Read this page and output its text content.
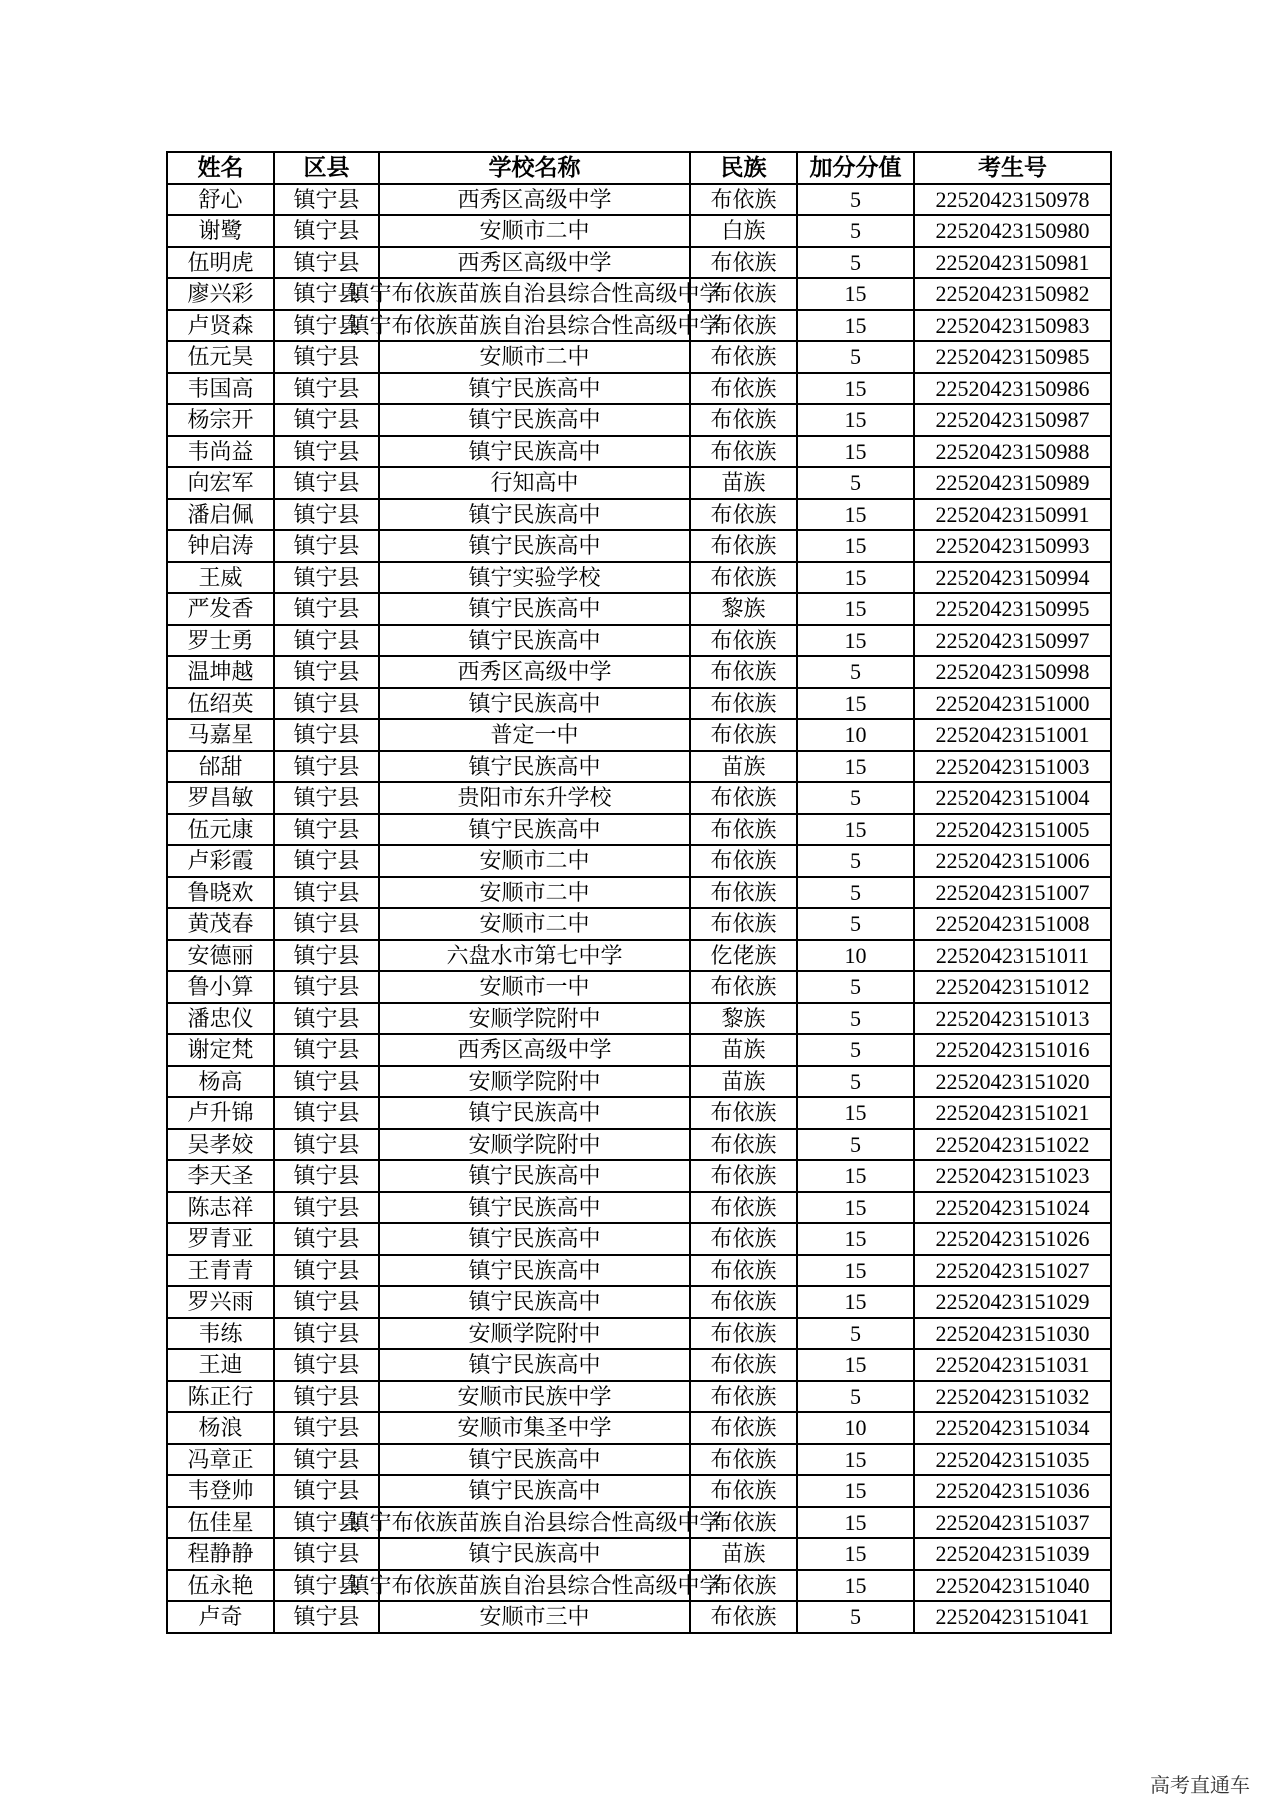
姓名	区县	学校名称	民族	加分分值	考生号
舒心	镇宁县	西秀区高级中学	布依族	5	22520423150978
谢鹭	镇宁县	安顺市二中	白族	5	22520423150980
伍明虎	镇宁县	西秀区高级中学	布依族	5	22520423150981
廖兴彩	镇宁县	镇宁布依族苗族自治县综合性高级中学	布依族	15	22520423150982
卢贤森	镇宁县	镇宁布依族苗族自治县综合性高级中学	布依族	15	22520423150983
伍元昊	镇宁县	安顺市二中	布依族	5	22520423150985
韦国高	镇宁县	镇宁民族高中	布依族	15	22520423150986
杨宗开	镇宁县	镇宁民族高中	布依族	15	22520423150987
韦尚益	镇宁县	镇宁民族高中	布依族	15	22520423150988
向宏军	镇宁县	行知高中	苗族	5	22520423150989
潘启佩	镇宁县	镇宁民族高中	布依族	15	22520423150991
钟启涛	镇宁县	镇宁民族高中	布依族	15	22520423150993
王威	镇宁县	镇宁实验学校	布依族	15	22520423150994
严发香	镇宁县	镇宁民族高中	黎族	15	22520423150995
罗士勇	镇宁县	镇宁民族高中	布依族	15	22520423150997
温坤越	镇宁县	西秀区高级中学	布依族	5	22520423150998
伍绍英	镇宁县	镇宁民族高中	布依族	15	22520423151000
马嘉星	镇宁县	普定一中	布依族	10	22520423151001
邰甜	镇宁县	镇宁民族高中	苗族	15	22520423151003
罗昌敏	镇宁县	贵阳市东升学校	布依族	5	22520423151004
伍元康	镇宁县	镇宁民族高中	布依族	15	22520423151005
卢彩霞	镇宁县	安顺市二中	布依族	5	22520423151006
鲁晓欢	镇宁县	安顺市二中	布依族	5	22520423151007
黄茂春	镇宁县	安顺市二中	布依族	5	22520423151008
安德丽	镇宁县	六盘水市第七中学	仡佬族	10	22520423151011
鲁小算	镇宁县	安顺市一中	布依族	5	22520423151012
潘忠仪	镇宁县	安顺学院附中	黎族	5	22520423151013
谢定梵	镇宁县	西秀区高级中学	苗族	5	22520423151016
杨高	镇宁县	安顺学院附中	苗族	5	22520423151020
卢升锦	镇宁县	镇宁民族高中	布依族	15	22520423151021
吴孝姣	镇宁县	安顺学院附中	布依族	5	22520423151022
李天圣	镇宁县	镇宁民族高中	布依族	15	22520423151023
陈志祥	镇宁县	镇宁民族高中	布依族	15	22520423151024
罗青亚	镇宁县	镇宁民族高中	布依族	15	22520423151026
王青青	镇宁县	镇宁民族高中	布依族	15	22520423151027
罗兴雨	镇宁县	镇宁民族高中	布依族	15	22520423151029
韦练	镇宁县	安顺学院附中	布依族	5	22520423151030
王迪	镇宁县	镇宁民族高中	布依族	15	22520423151031
陈正行	镇宁县	安顺市民族中学	布依族	5	22520423151032
杨浪	镇宁县	安顺市集圣中学	布依族	10	22520423151034
冯章正	镇宁县	镇宁民族高中	布依族	15	22520423151035
韦登帅	镇宁县	镇宁民族高中	布依族	15	22520423151036
伍佳星	镇宁县	镇宁布依族苗族自治县综合性高级中学	布依族	15	22520423151037
程静静	镇宁县	镇宁民族高中	苗族	15	22520423151039
伍永艳	镇宁县	镇宁布依族苗族自治县综合性高级中学	布依族	15	22520423151040
卢奇	镇宁县	安顺市三中	布依族	5	22520423151041
高考直通车
